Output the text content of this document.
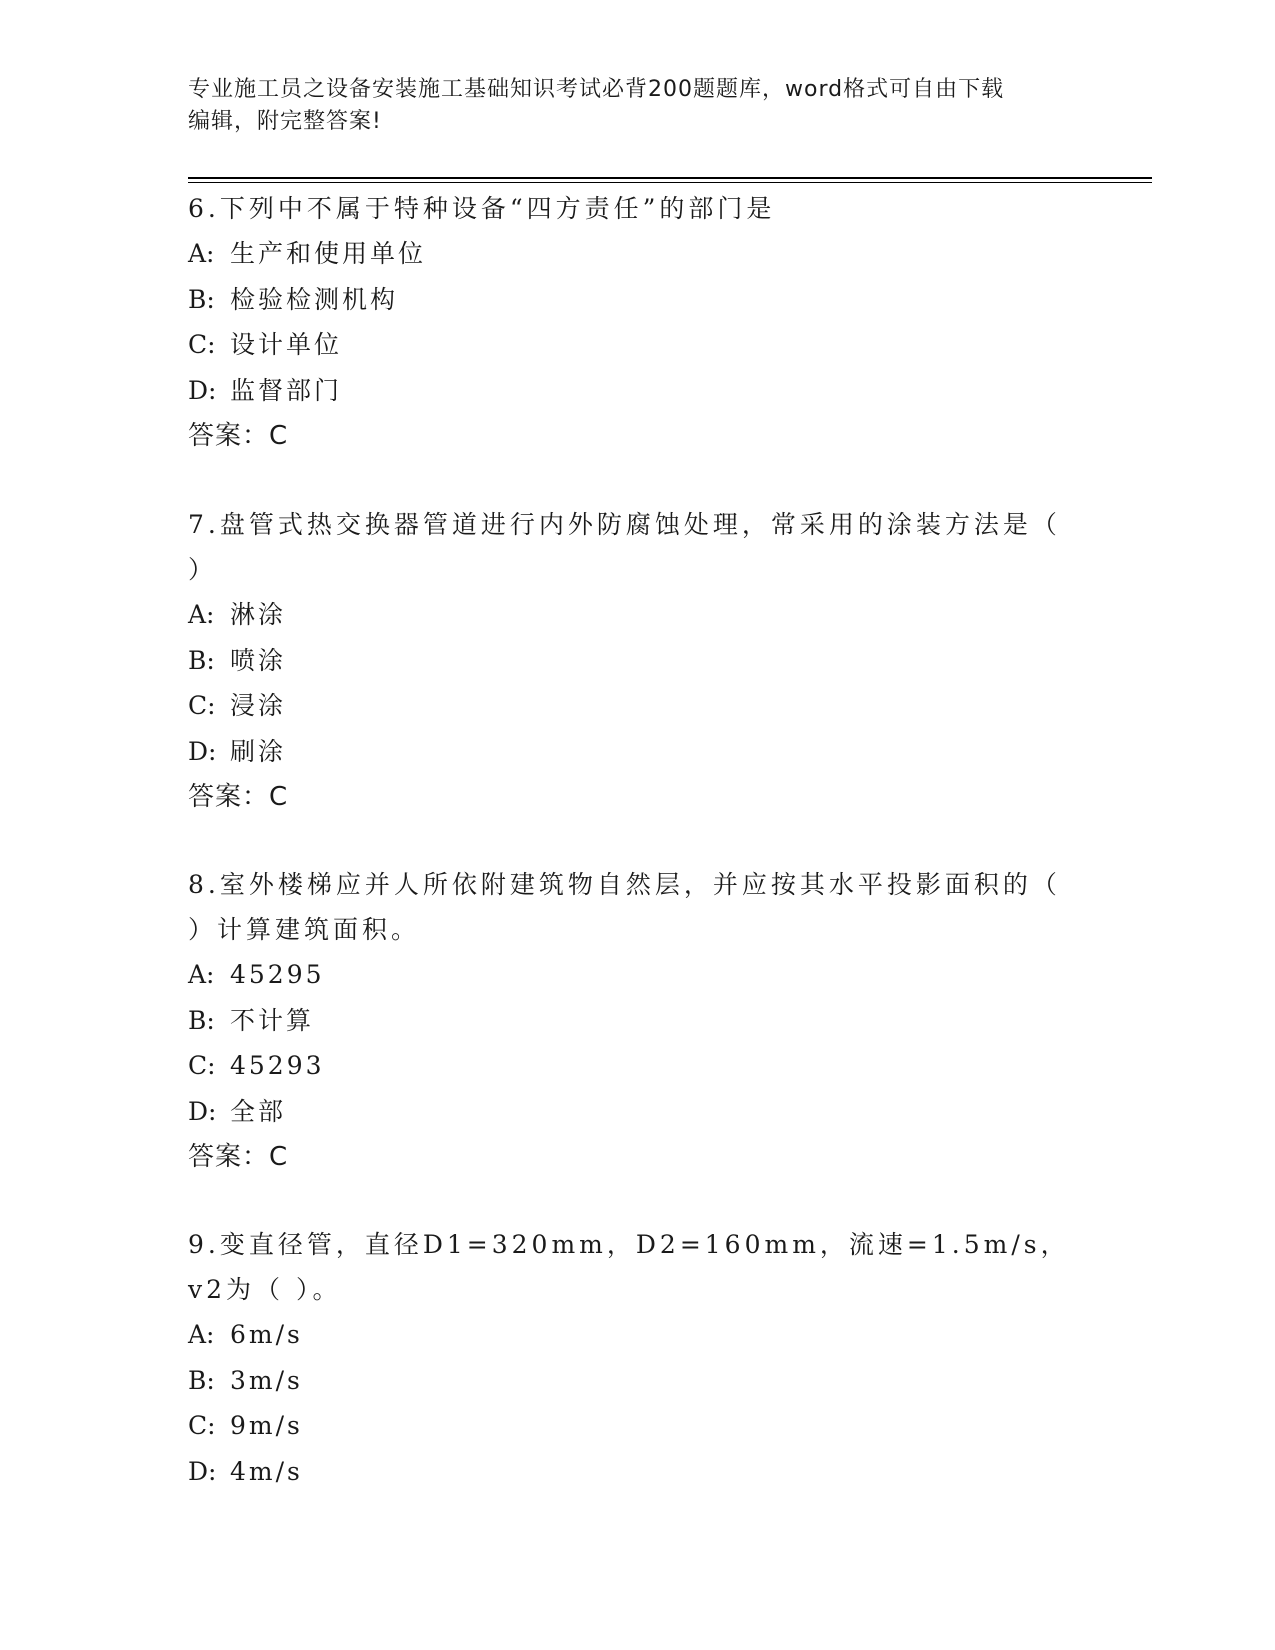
专业施工员之设备安装施工基础知识考试必背200题题库，word格式可自由下载
编辑，附完整答案!
6.下列中不属于特种设备“四方责任”的部门是
A: 生产和使用单位
B: 检验检测机构
C: 设计单位
D: 监督部门
答案：C
7.盘管式热交换器管道进行内外防腐蚀处理，常采用的涂装方法是（
）
A: 淋涂
B: 喷涂
C: 浸涂
D: 刷涂
答案：C
8.室外楼梯应并人所依附建筑物自然层，并应按其水平投影面积的（
）计算建筑面积。
A: 45295
B: 不计算
C: 45293
D: 全部
答案：C
9.变直径管，直径D1=320mm，D2=160mm，流速=1.5m/s，v2为（ ）。
A: 6m/s
B: 3m/s
C: 9m/s
D: 4m/s
